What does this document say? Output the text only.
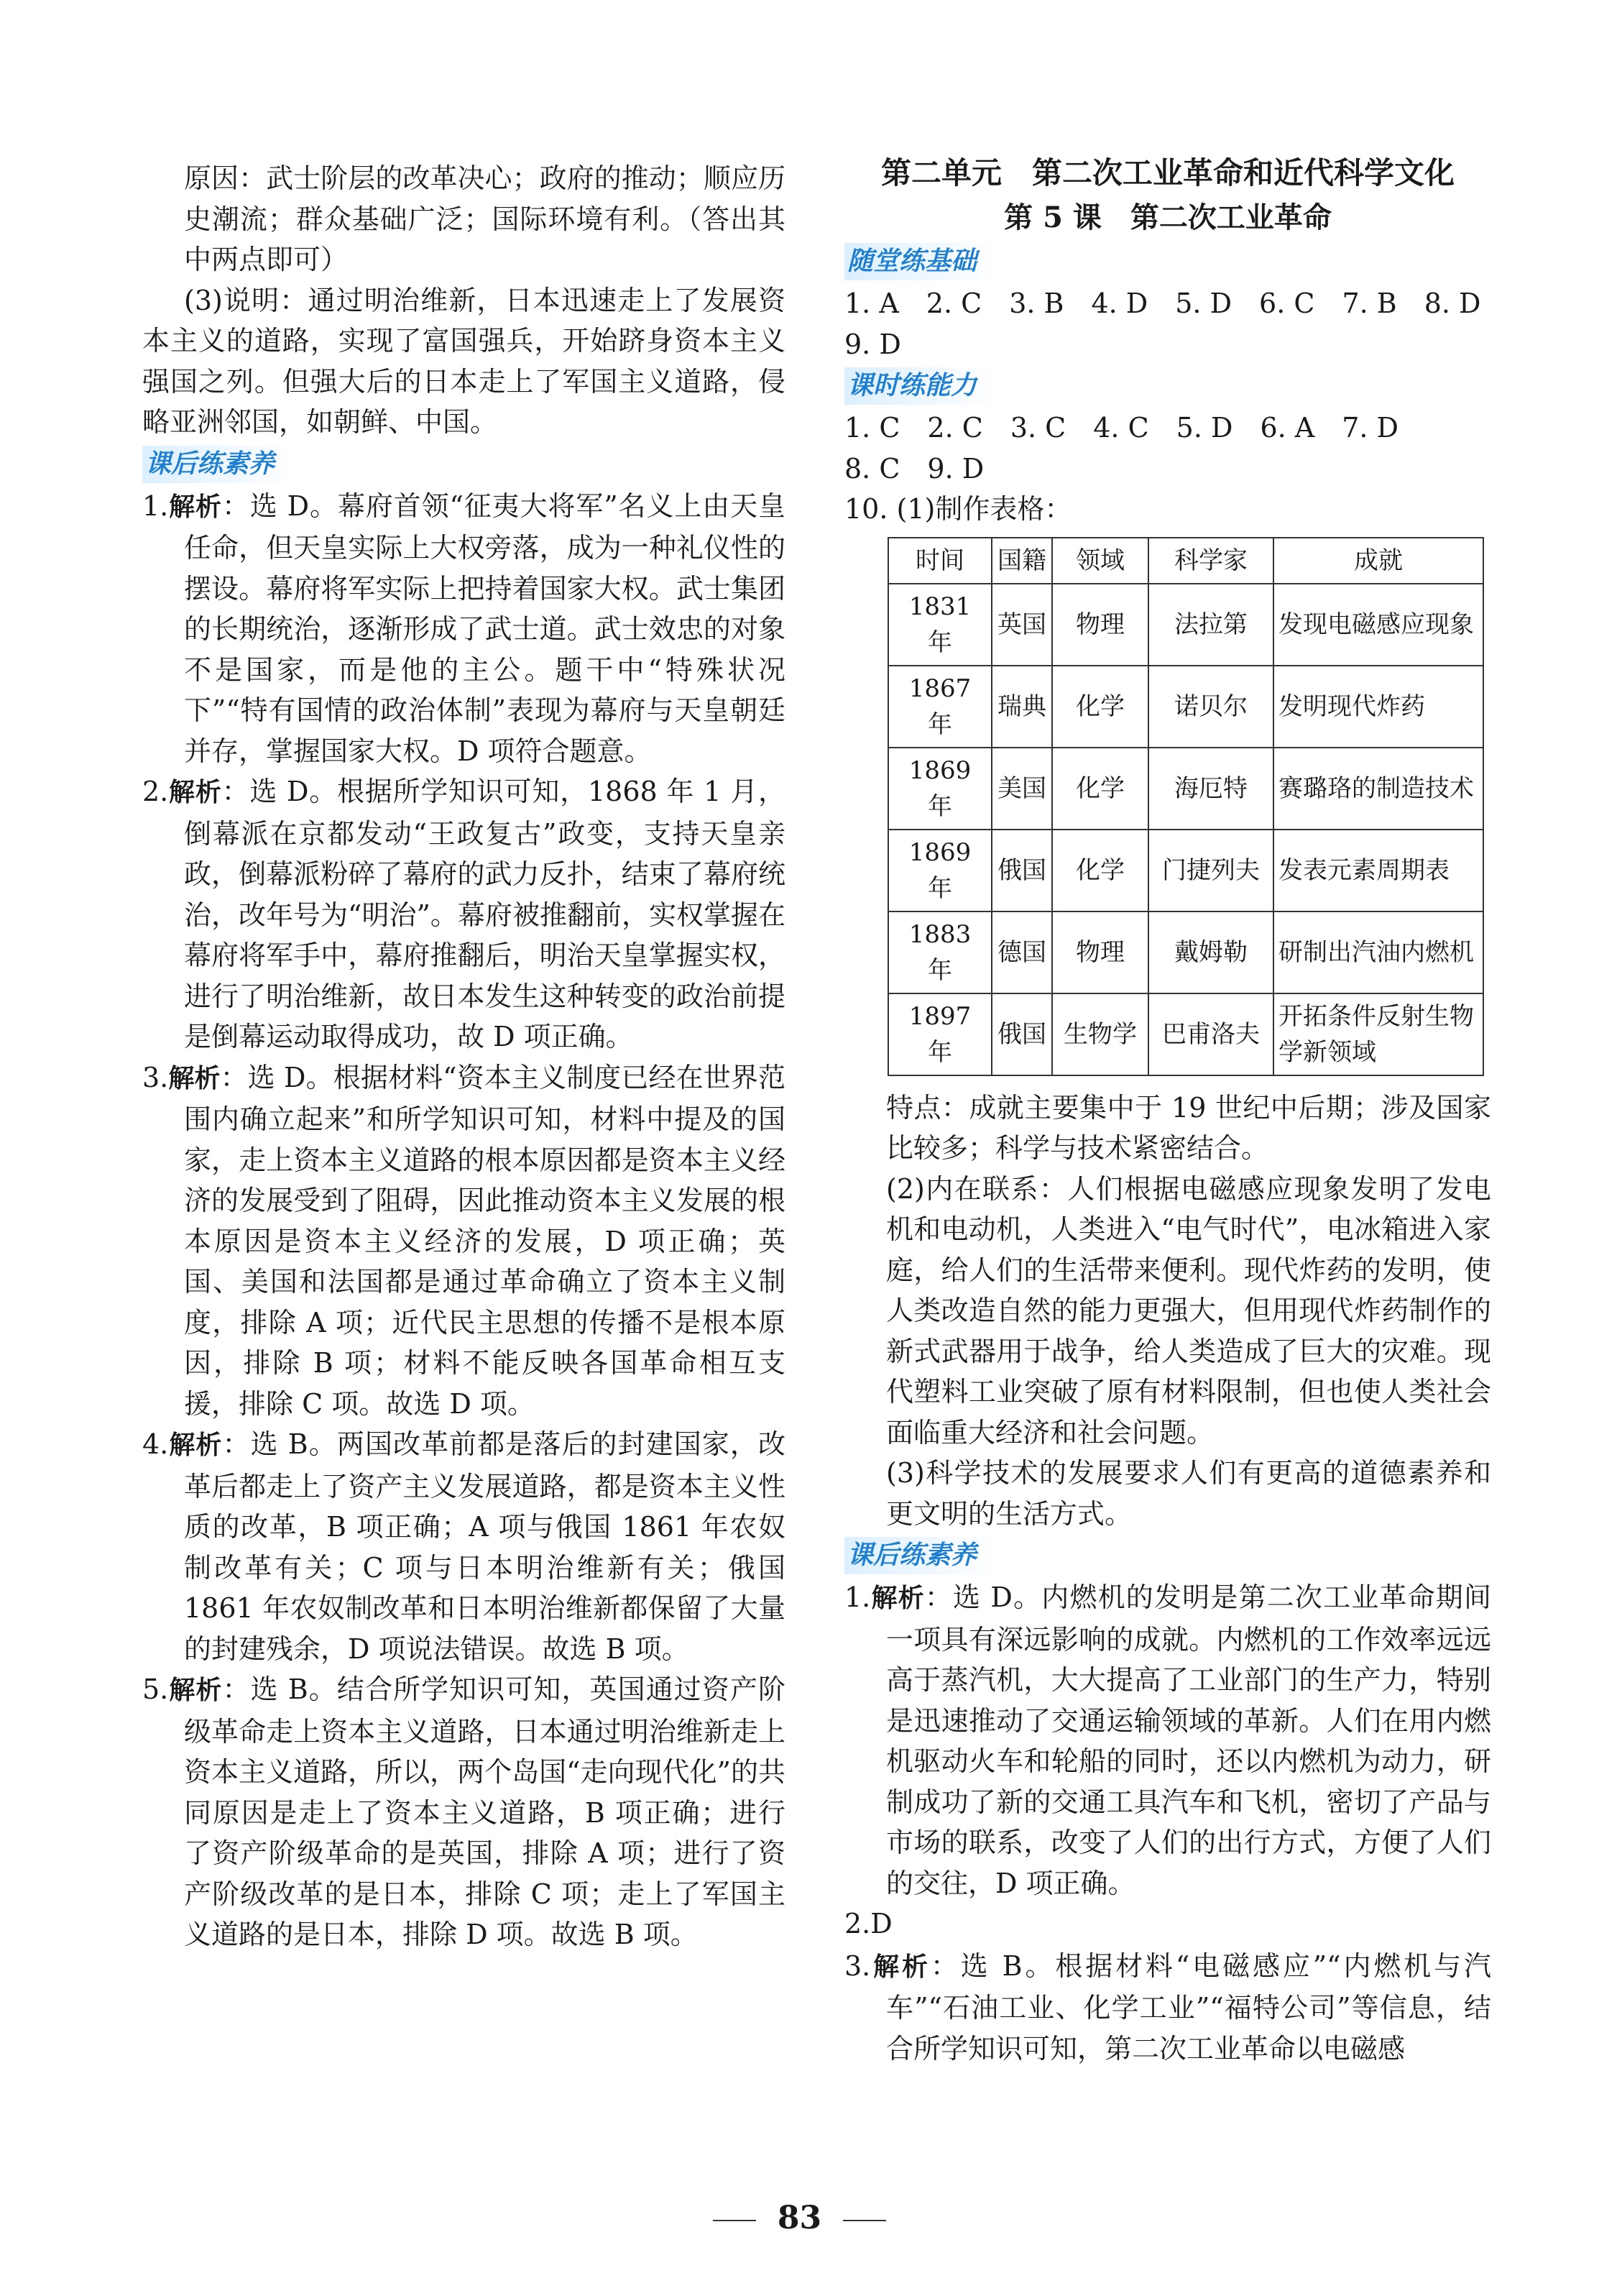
原因：武士阶层的改革决心；政府的推动；顺应历史潮流；群众基础广泛；国际环境有利。（答出其中两点即可）

(3)说明：通过明治维新，日本迅速走上了发展资本主义的道路，实现了富国强兵，开始跻身资本主义强国之列。但强大后的日本走上了军国主义道路，侵略亚洲邻国，如朝鲜、中国。

课后练素养

1.解析：选 D。幕府首领“征夷大将军”名义上由天皇任命，但天皇实际上大权旁落，成为一种礼仪性的摆设。幕府将军实际上把持着国家大权。武士集团的长期统治，逐渐形成了武士道。武士效忠的对象不是国家，而是他的主公。题干中“特殊状况下”“特有国情的政治体制”表现为幕府与天皇朝廷并存，掌握国家大权。D 项符合题意。

2.解析：选 D。根据所学知识可知，1868 年 1 月，倒幕派在京都发动“王政复古”政变，支持天皇亲政，倒幕派粉碎了幕府的武力反扑，结束了幕府统治，改年号为“明治”。幕府被推翻前，实权掌握在幕府将军手中，幕府推翻后，明治天皇掌握实权，进行了明治维新，故日本发生这种转变的政治前提是倒幕运动取得成功，故 D 项正确。

3.解析：选 D。根据材料“资本主义制度已经在世界范围内确立起来”和所学知识可知，材料中提及的国家，走上资本主义道路的根本原因都是资本主义经济的发展受到了阻碍，因此推动资本主义发展的根本原因是资本主义经济的发展，D 项正确；英国、美国和法国都是通过革命确立了资本主义制度，排除 A 项；近代民主思想的传播不是根本原因，排除 B 项；材料不能反映各国革命相互支援，排除 C 项。故选 D 项。

4.解析：选 B。两国改革前都是落后的封建国家，改革后都走上了资产主义发展道路，都是资本主义性质的改革，B 项正确；A 项与俄国 1861 年农奴制改革有关；C 项与日本明治维新有关；俄国 1861 年农奴制改革和日本明治维新都保留了大量的封建残余，D 项说法错误。故选 B 项。

5.解析：选 B。结合所学知识可知，英国通过资产阶级革命走上资本主义道路，日本通过明治维新走上资本主义道路，所以，两个岛国“走向现代化”的共同原因是走上了资本主义道路，B 项正确；进行了资产阶级革命的是英国，排除 A 项；进行了资产阶级改革的是日本，排除 C 项；走上了军国主义道路的是日本，排除 D 项。故选 B 项。

第二单元　第二次工业革命和近代科学文化
第 5 课　第二次工业革命
随堂练基础

1. A　2. C　3. B　4. D　5. D　6. C　7. B　8. D

9. D

课时练能力

1. C　2. C　3. C　4. C　5. D　6. A　7. D

8. C　9. D

10. (1)制作表格：

时间	国籍	领域	科学家	成就
1831 年	英国	物理	法拉第	发现电磁感应现象
1867 年	瑞典	化学	诺贝尔	发明现代炸药
1869 年	美国	化学	海厄特	赛璐珞的制造技术
1869 年	俄国	化学	门捷列夫	发表元素周期表
1883 年	德国	物理	戴姆勒	研制出汽油内燃机
1897 年	俄国	生物学	巴甫洛夫	开拓条件反射生物学新领域

特点：成就主要集中于 19 世纪中后期；涉及国家比较多；科学与技术紧密结合。

(2)内在联系：人们根据电磁感应现象发明了发电机和电动机，人类进入“电气时代”，电冰箱进入家庭，给人们的生活带来便利。现代炸药的发明，使人类改造自然的能力更强大，但用现代炸药制作的新式武器用于战争，给人类造成了巨大的灾难。现代塑料工业突破了原有材料限制，但也使人类社会面临重大经济和社会问题。

(3)科学技术的发展要求人们有更高的道德素养和更文明的生活方式。

课后练素养

1.解析：选 D。内燃机的发明是第二次工业革命期间一项具有深远影响的成就。内燃机的工作效率远远高于蒸汽机，大大提高了工业部门的生产力，特别是迅速推动了交通运输领域的革新。人们在用内燃机驱动火车和轮船的同时，还以内燃机为动力，研制成功了新的交通工具汽车和飞机，密切了产品与市场的联系，改变了人们的出行方式，方便了人们的交往，D 项正确。

2.D

3.解析：选 B。根据材料“电磁感应”“内燃机与汽车”“石油工业、化学工业”“福特公司”等信息，结合所学知识可知，第二次工业革命以电磁感

83
